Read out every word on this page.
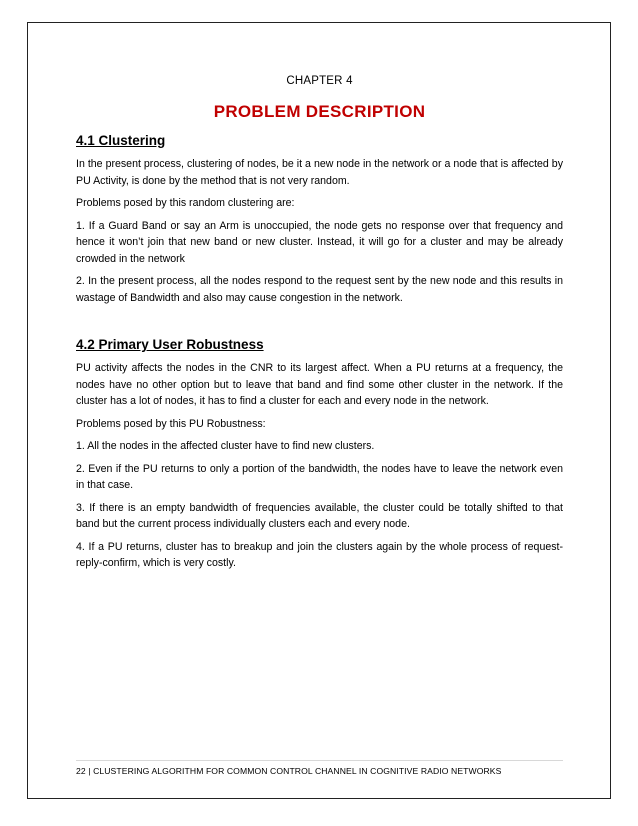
CHAPTER 4

PROBLEM DESCRIPTION
4.1 Clustering

In the present process, clustering of nodes, be it a new node in the network or a node that is affected by PU Activity, is done by the method that is not very random.

Problems posed by this random clustering are:

1. If a Guard Band or say an Arm is unoccupied, the node gets no response over that frequency and hence it won’t join that new band or new cluster. Instead, it will go for a cluster and may be already crowded in the network

2. In the present process, all the nodes respond to the request sent by the new node and this results in wastage of Bandwidth and also may cause congestion in the network.

4.2 Primary User Robustness

PU activity affects the nodes in the CNR to its largest affect. When a PU returns at a frequency, the nodes have no other option but to leave that band and find some other cluster in the network. If the cluster has a lot of nodes, it has to find a cluster for each and every node in the network.

Problems posed by this PU Robustness:

1. All the nodes in the affected cluster have to find new clusters.

2. Even if the PU returns to only a portion of the bandwidth, the nodes have to leave the network even in that case.

3. If there is an empty bandwidth of frequencies available, the cluster could be totally shifted to that band but the current process individually clusters each and every node.

4. If a PU returns, cluster has to breakup and join the clusters again by the whole process of request-reply-confirm, which is very costly.

22 | CLUSTERING ALGORITHM FOR COMMON CONTROL CHANNEL IN COGNITIVE RADIO NETWORKS
